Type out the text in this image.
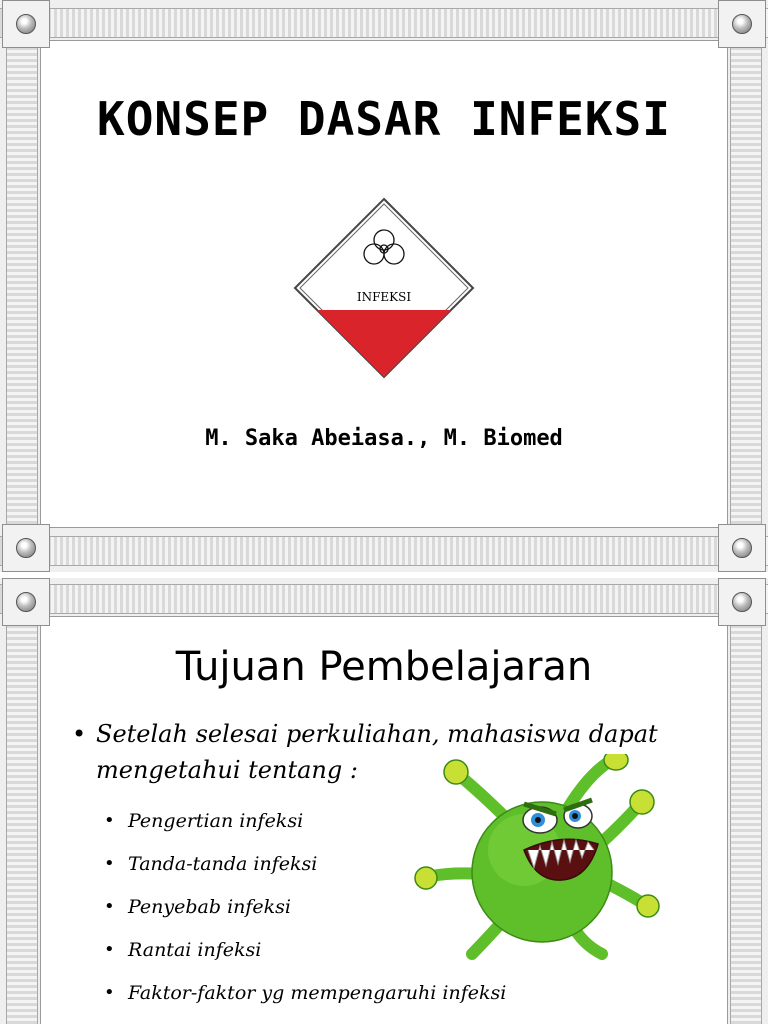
KONSEP DASAR INFEKSI
INFEKSI
M. Saka Abeiasa., M. Biomed
Tujuan Pembelajaran
• Setelah selesai perkuliahan, mahasiswa dapat mengetahui tentang :
• Pengertian infeksi
• Tanda-tanda infeksi
• Penyebab infeksi
• Rantai infeksi
• Faktor-faktor yg mempengaruhi infeksi
